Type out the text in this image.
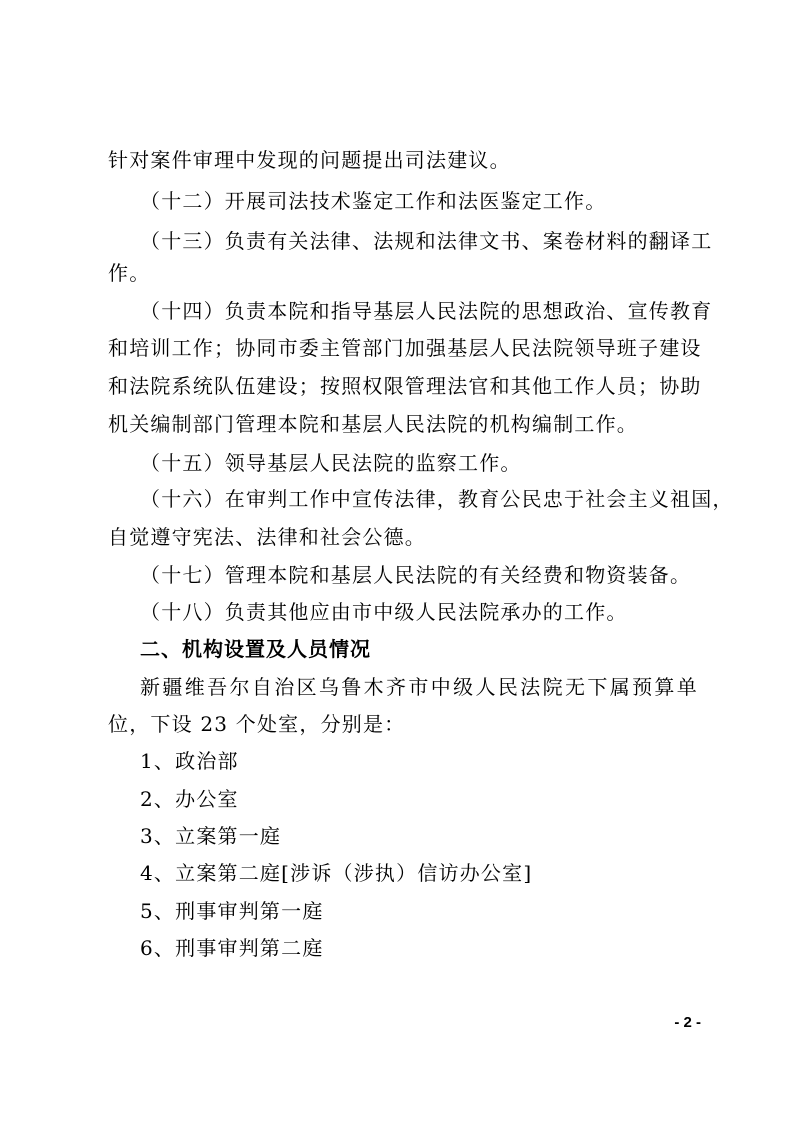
针对案件审理中发现的问题提出司法建议。
（十二）开展司法技术鉴定工作和法医鉴定工作。
（十三）负责有关法律、法规和法律文书、案卷材料的翻译工
作。
（十四）负责本院和指导基层人民法院的思想政治、宣传教育
和培训工作；协同市委主管部门加强基层人民法院领导班子建设
和法院系统队伍建设；按照权限管理法官和其他工作人员；协助
机关编制部门管理本院和基层人民法院的机构编制工作。
（十五）领导基层人民法院的监察工作。
（十六）在审判工作中宣传法律，教育公民忠于社会主义祖国，
自觉遵守宪法、法律和社会公德。
（十七）管理本院和基层人民法院的有关经费和物资装备。
（十八）负责其他应由市中级人民法院承办的工作。
二、机构设置及人员情况
新疆维吾尔自治区乌鲁木齐市中级人民法院无下属预算单
位，下设 23 个处室，分别是：
1、政治部
2、办公室
3、立案第一庭
4、立案第二庭[涉诉（涉执）信访办公室]
5、刑事审判第一庭
6、刑事审判第二庭
- 2 -
